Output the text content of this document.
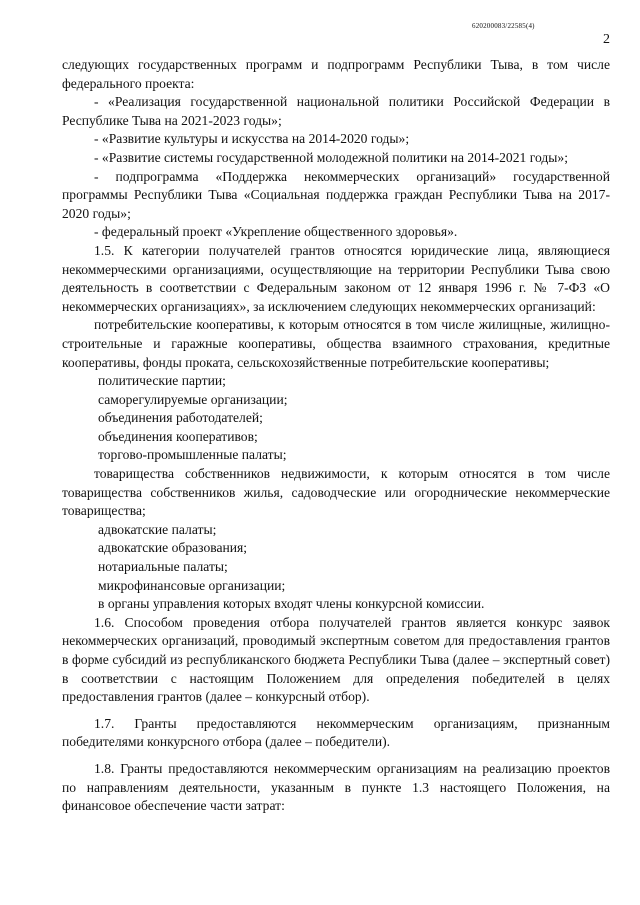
620200083/22585(4)
2

следующих государственных программ и подпрограмм Республики Тыва, в том числе федерального проекта:

- «Реализация государственной национальной политики Российской Федерации в Республике Тыва на 2021-2023 годы»;

- «Развитие культуры и искусства на 2014-2020 годы»;

- «Развитие системы государственной молодежной политики на 2014-2021 годы»;

- подпрограмма «Поддержка некоммерческих организаций» государственной программы Республики Тыва «Социальная поддержка граждан Республики Тыва на 2017-2020 годы»;

- федеральный проект «Укрепление общественного здоровья».

1.5. К категории получателей грантов относятся юридические лица, являющиеся некоммерческими организациями, осуществляющие на территории Республики Тыва свою деятельность в соответствии с Федеральным законом от 12 января 1996 г. № 7-ФЗ «О некоммерческих организациях», за исключением следующих некоммерческих организаций:

потребительские кооперативы, к которым относятся в том числе жилищные, жилищно-строительные и гаражные кооперативы, общества взаимного страхования, кредитные кооперативы, фонды проката, сельскохозяйственные потребительские кооперативы;

политические партии;

саморегулируемые организации;

объединения работодателей;

объединения кооперативов;

торгово-промышленные палаты;

товарищества собственников недвижимости, к которым относятся в том числе товарищества собственников жилья, садоводческие или огороднические некоммерческие товарищества;

адвокатские палаты;

адвокатские образования;

нотариальные палаты;

микрофинансовые организации;

в органы управления которых входят члены конкурсной комиссии.

1.6. Способом проведения отбора получателей грантов является конкурс заявок некоммерческих организаций, проводимый экспертным советом для предоставления грантов в форме субсидий из республиканского бюджета Республики Тыва (далее – экспертный совет) в соответствии с настоящим Положением для определения победителей в целях предоставления грантов (далее – конкурсный отбор).

1.7. Гранты предоставляются некоммерческим организациям, признанным победителями конкурсного отбора (далее – победители).

1.8. Гранты предоставляются некоммерческим организациям на реализацию проектов по направлениям деятельности, указанным в пункте 1.3 настоящего Положения, на финансовое обеспечение части затрат:
